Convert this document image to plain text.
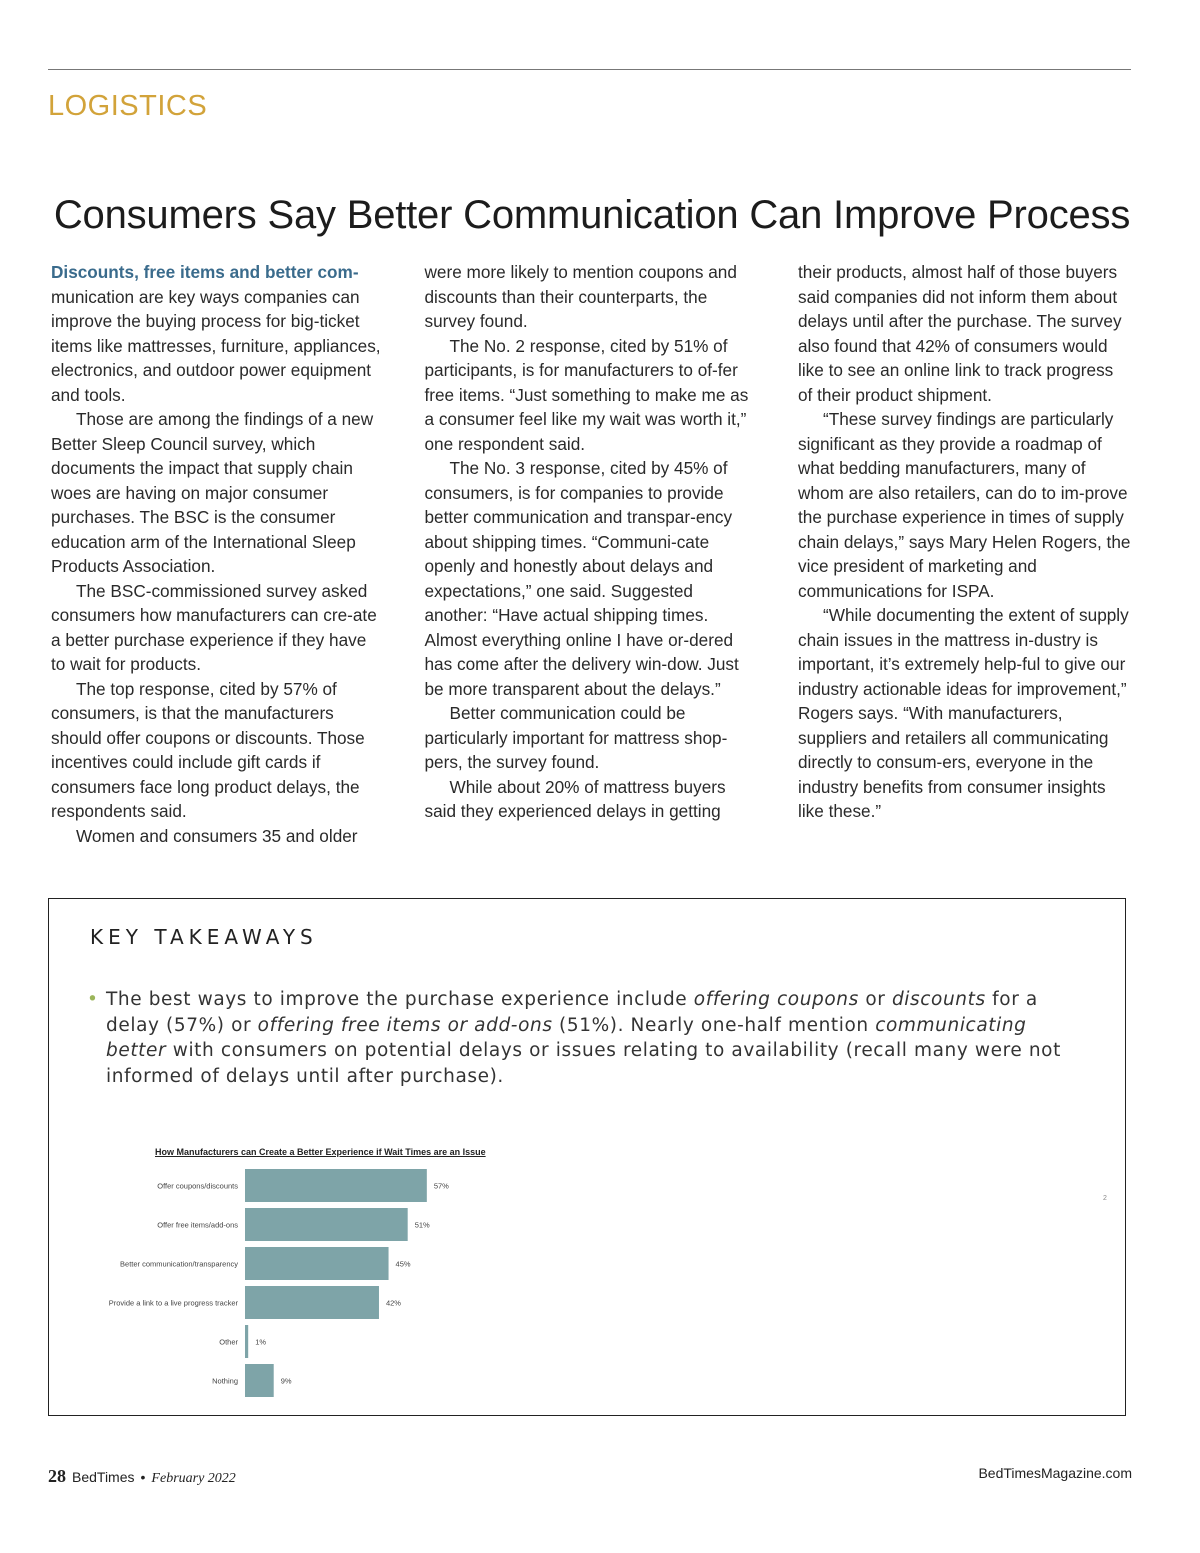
LOGISTICS
Consumers Say Better Communication Can Improve Process

Discounts, free items and better com-
munication are key ways companies can improve the buying process for big-ticket items like mattresses, furniture, appliances, electronics, and outdoor power equipment and tools.

Those are among the findings of a new Better Sleep Council survey, which documents the impact that supply chain woes are having on major consumer purchases. The BSC is the consumer education arm of the International Sleep Products Association.

The BSC-commissioned survey asked consumers how manufacturers can cre-ate a better purchase experience if they have to wait for products.

The top response, cited by 57% of consumers, is that the manufacturers should offer coupons or discounts. Those incentives could include gift cards if consumers face long product delays, the respondents said.

Women and consumers 35 and older

were more likely to mention coupons and discounts than their counterparts, the survey found.

The No. 2 response, cited by 51% of participants, is for manufacturers to of-fer free items. “Just something to make me as a consumer feel like my wait was worth it,” one respondent said.

The No. 3 response, cited by 45% of consumers, is for companies to provide better communication and transpar-ency about shipping times. “Communi-cate openly and honestly about delays and expectations,” one said. Suggested another: “Have actual shipping times. Almost everything online I have or-dered has come after the delivery win-dow. Just be more transparent about the delays.”

Better communication could be particularly important for mattress shop-pers, the survey found.

While about 20% of mattress buyers said they experienced delays in getting

their products, almost half of those buyers said companies did not inform them about delays until after the purchase. The survey also found that 42% of consumers would like to see an online link to track progress of their product shipment.

“These survey findings are particularly significant as they provide a roadmap of what bedding manufacturers, many of whom are also retailers, can do to im-prove the purchase experience in times of supply chain delays,” says Mary Helen Rogers, the vice president of marketing and communications for ISPA.

“While documenting the extent of supply chain issues in the mattress in-dustry is important, it’s extremely help-ful to give our industry actionable ideas for improvement,” Rogers says. “With manufacturers, suppliers and retailers all communicating directly to consum-ers, everyone in the industry benefits from consumer insights like these.”

KEY TAKEAWAYS
• The best ways to improve the purchase experience include offering coupons or discounts for a delay (57%) or offering free items or add-ons (51%). Nearly one-half mention communicating better with consumers on potential delays or issues relating to availability (recall many were not informed of delays until after purchase).
How Manufacturers can Create a Better Experience if Wait Times are an Issue
Offer coupons/discounts	57%
Offer free items/add-ons	51%
Better communication/transparency	45%
Provide a link to a live progress tracker	42%
Other 1%
Nothing	9%
2
28 BedTimes • February 2022	BedTimesMagazine.com
